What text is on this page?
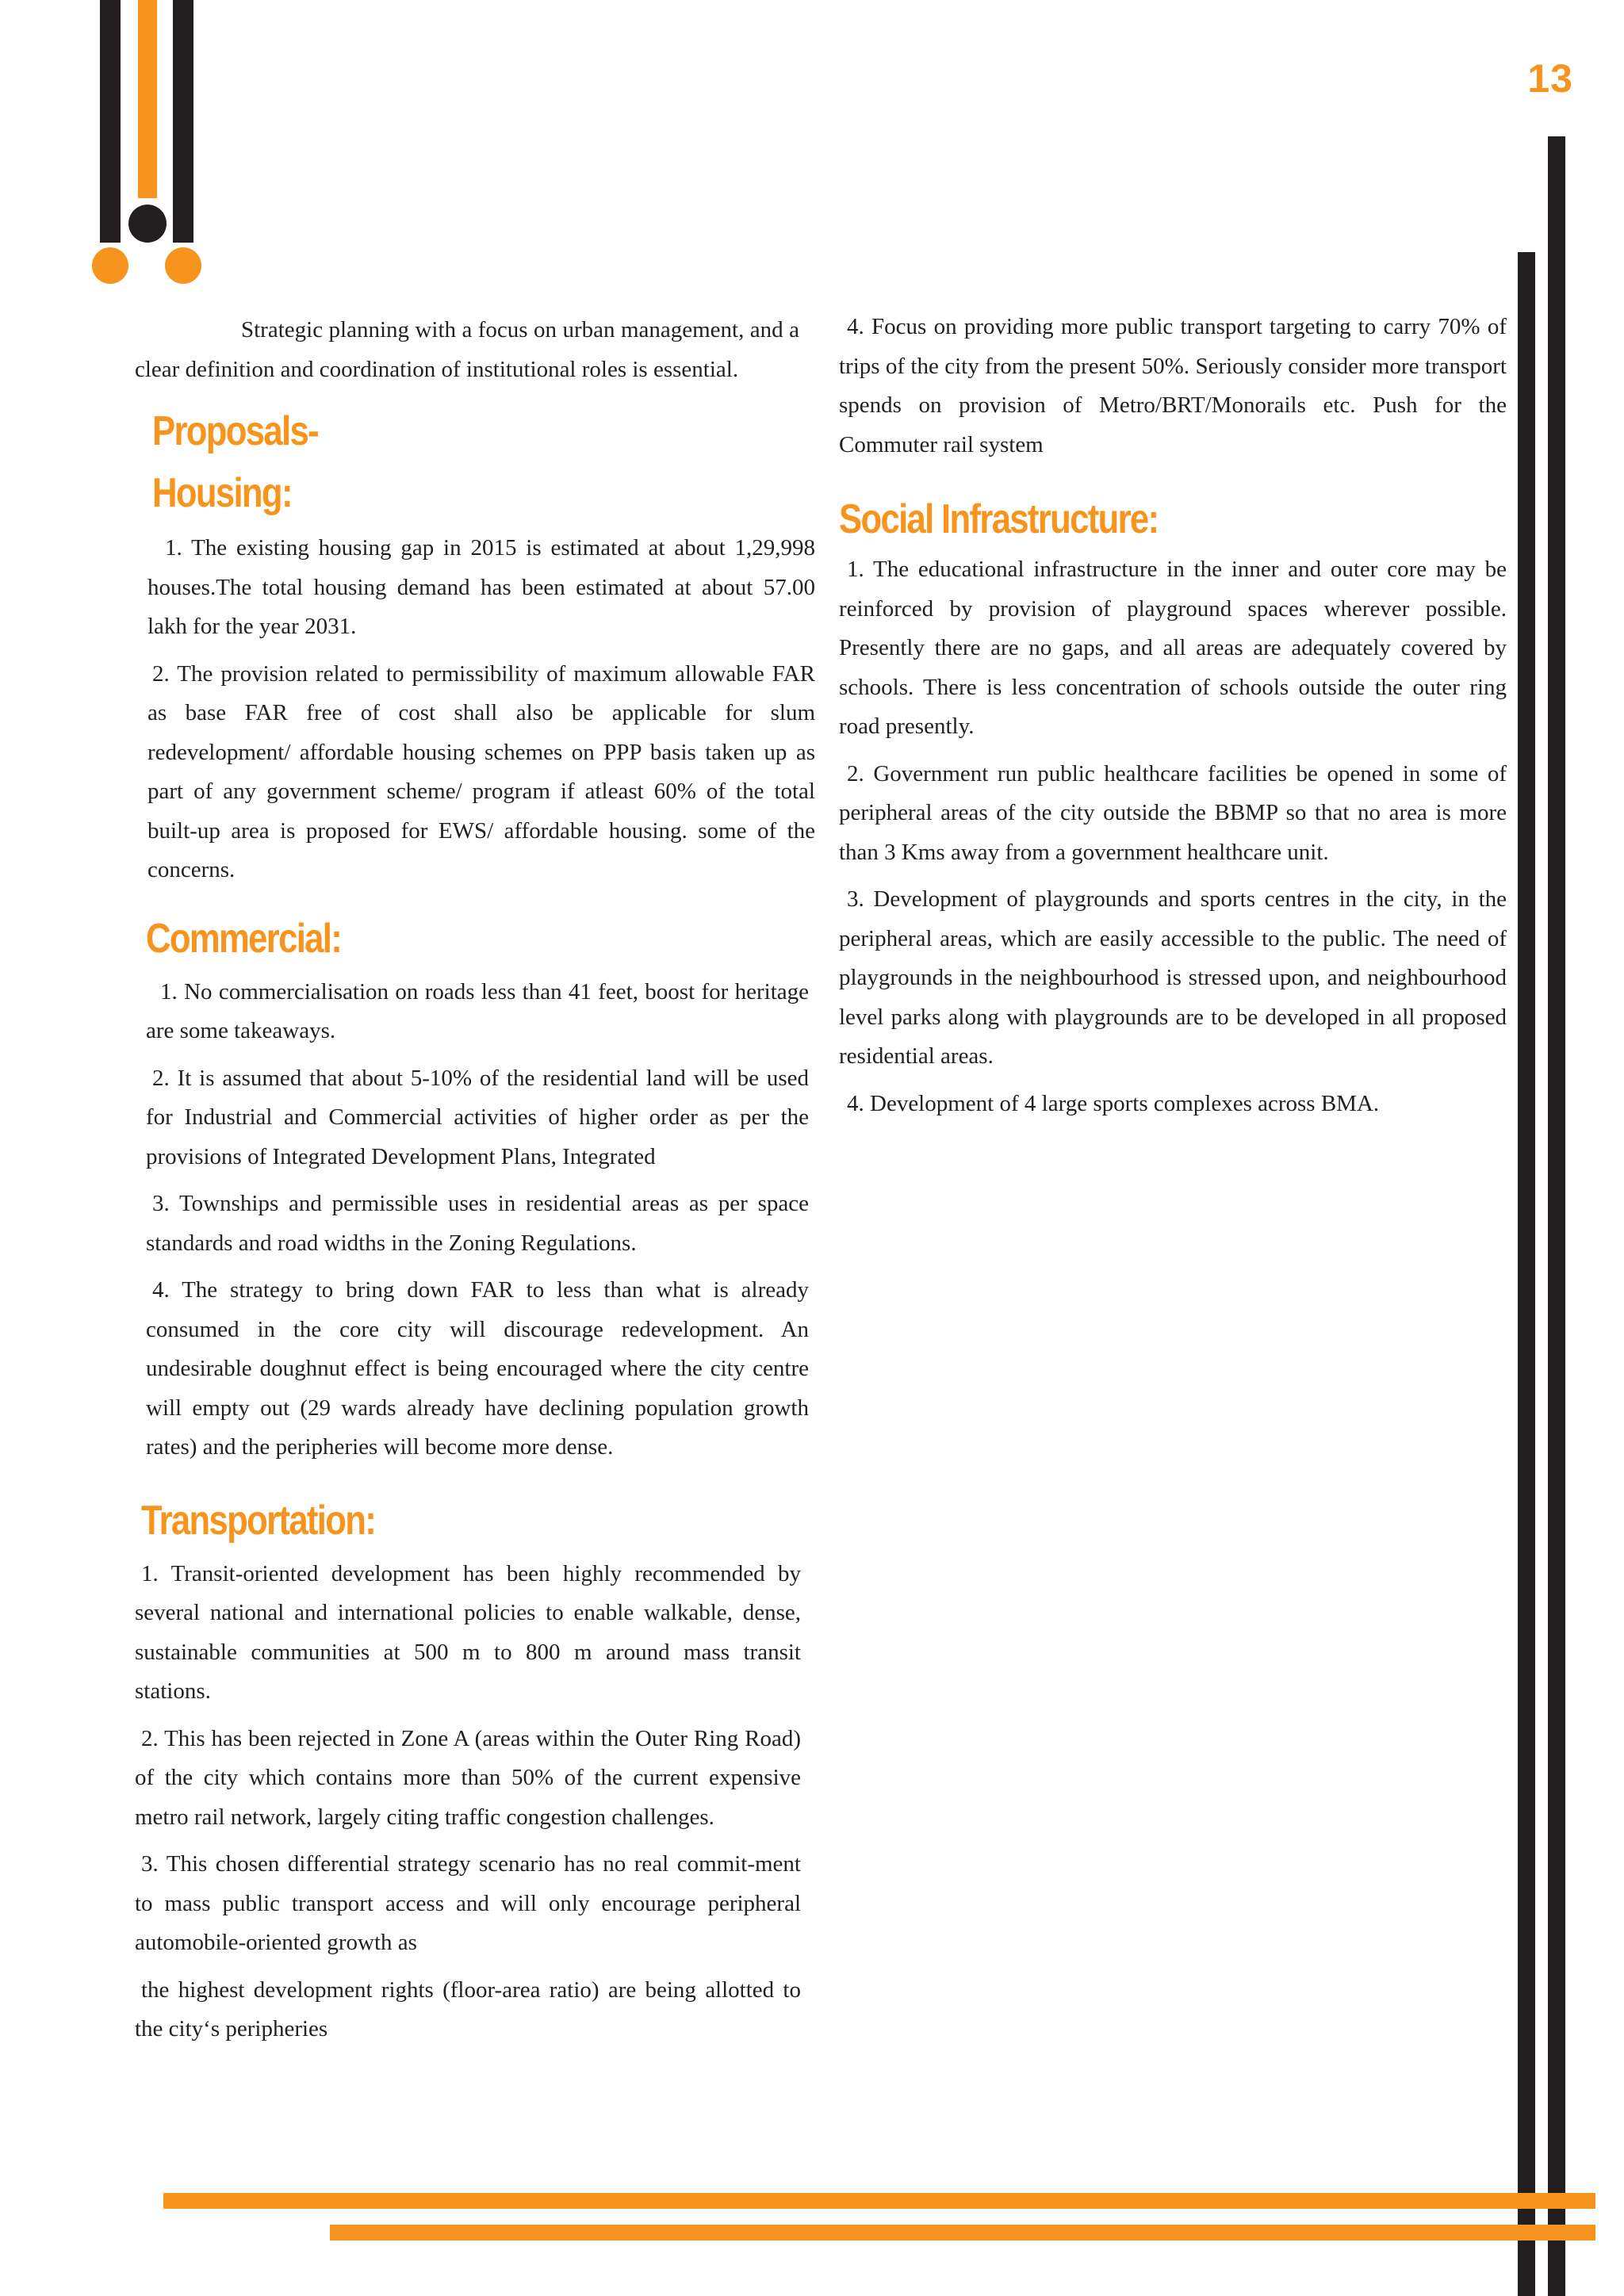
13

Strategic planning with a focus on urban management, and a clear definition and coordination of institutional roles is essential.

Proposals-
Housing:

1. The existing housing gap in 2015 is estimated at about 1,29,998 houses.The total housing demand has been estimated at about 57.00 lakh for the year 2031.

2. The provision related to permissibility of maximum allowable FAR as base FAR free of cost shall also be applicable for slum redevelopment/ affordable housing schemes on PPP basis taken up as part of any government scheme/ program if atleast 60% of the total built-up area is proposed for EWS/ affordable housing. some of the concerns.

Commercial:

1. No commercialisation on roads less than 41 feet, boost for heritage are some takeaways.

2. It is assumed that about 5-10% of the residential land will be used for Industrial and Commercial activities of higher order as per the provisions of Integrated Development Plans, Integrated

3. Townships and permissible uses in residential areas as per space standards and road widths in the Zoning Regulations.

4. The strategy to bring down FAR to less than what is already consumed in the core city will discourage redevelopment. An undesirable doughnut effect is being encouraged where the city centre will empty out (29 wards already have declining population growth rates) and the peripheries will become more dense.

Transportation:

1. Transit-oriented development has been highly recommended by several national and international policies to enable walkable, dense, sustainable communities at 500 m to 800 m around mass transit stations.

2. This has been rejected in Zone A (areas within the Outer Ring Road) of the city which contains more than 50% of the current expensive metro rail network, largely citing traffic congestion challenges.

3. This chosen differential strategy scenario has no real commit-ment to mass public transport access and will only encourage peripheral automobile-oriented growth as

the highest development rights (floor-area ratio) are being allotted to the city‘s peripheries

4. Focus on providing more public transport targeting to carry 70% of trips of the city from the present 50%. Seriously consider more transport spends on provision of Metro/BRT/Monorails etc. Push for the Commuter rail system

Social Infrastructure:

1. The educational infrastructure in the inner and outer core may be reinforced by provision of playground spaces wherever possible. Presently there are no gaps, and all areas are adequately covered by schools. There is less concentration of schools outside the outer ring road presently.

2. Government run public healthcare facilities be opened in some of peripheral areas of the city outside the BBMP so that no area is more than 3 Kms away from a government healthcare unit.

3. Development of playgrounds and sports centres in the city, in the peripheral areas, which are easily accessible to the public. The need of playgrounds in the neighbourhood is stressed upon, and neighbourhood level parks along with playgrounds are to be developed in all proposed residential areas.

4. Development of 4 large sports complexes across BMA.
